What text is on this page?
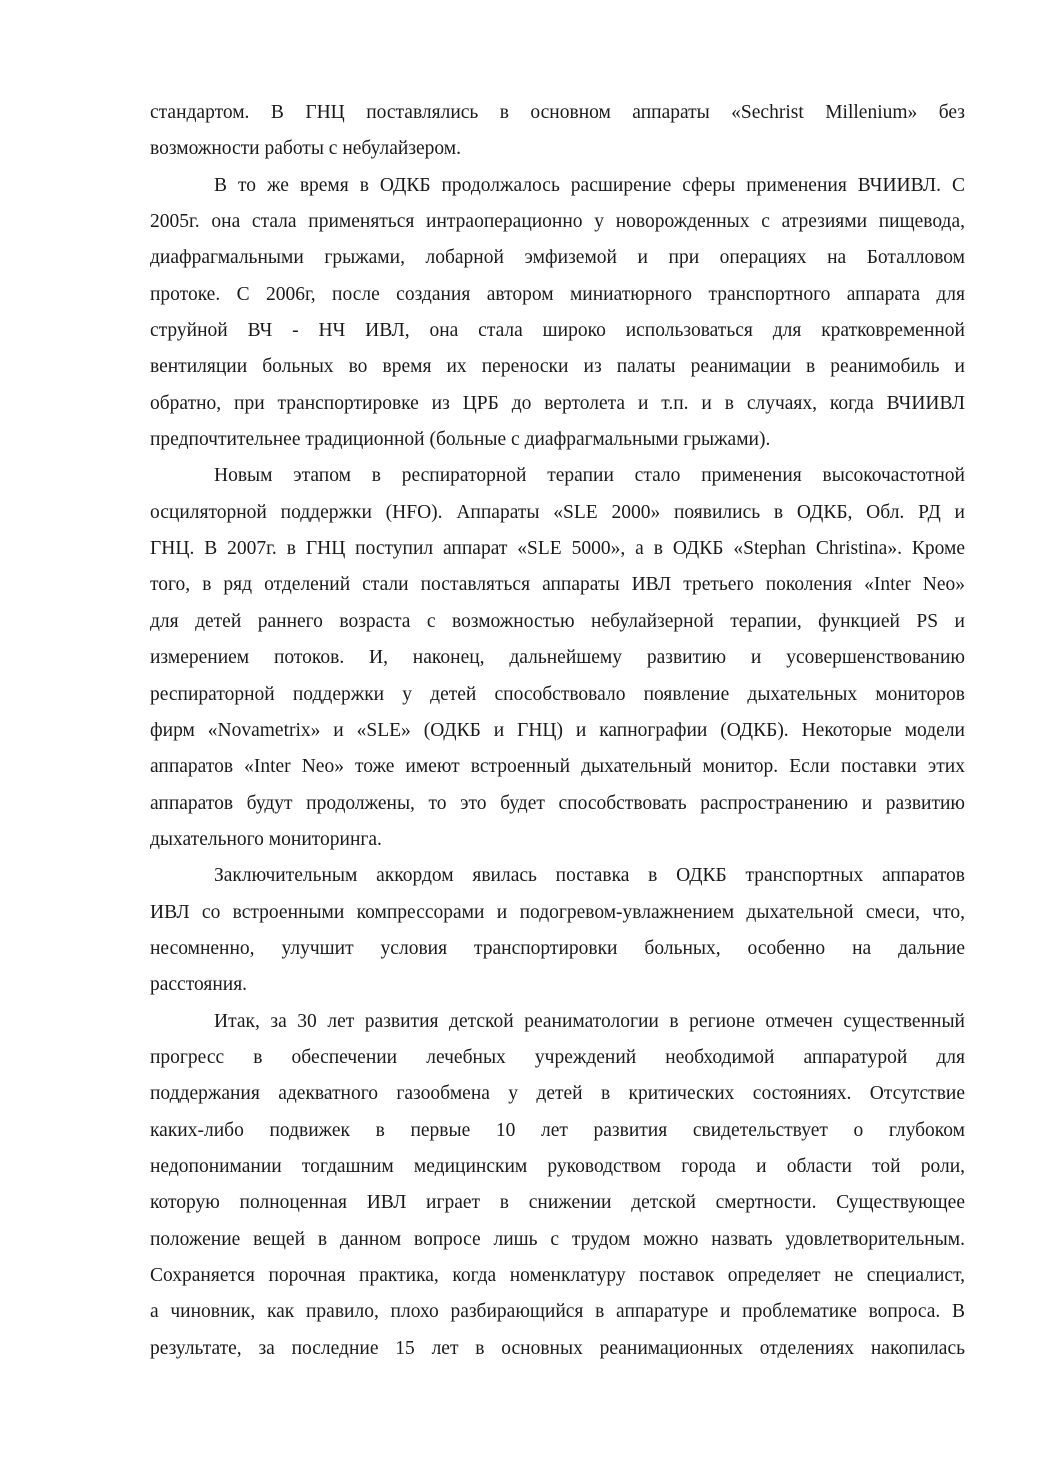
стандартом. В ГНЦ поставлялись в основном аппараты «Sechrist Millenium» без
возможности работы с небулайзером.
В то же время в ОДКБ продолжалось расширение сферы применения ВЧИИВЛ. С
2005г. она стала применяться интраоперационно у новорожденных с атрезиями пищевода,
диафрагмальными грыжами, лобарной эмфиземой и при операциях на Боталловом
протоке. С 2006г, после создания автором миниатюрного транспортного аппарата для
струйной ВЧ - НЧ ИВЛ, она стала широко использоваться для кратковременной
вентиляции больных во время их переноски из палаты реанимации в реанимобиль и
обратно, при транспортировке из ЦРБ до вертолета и т.п. и в случаях, когда ВЧИИВЛ
предпочтительнее традиционной (больные с диафрагмальными грыжами).
Новым этапом в респираторной терапии стало применения высокочастотной
осциляторной поддержки (HFO). Аппараты «SLE 2000» появились в ОДКБ, Обл. РД и
ГНЦ. В 2007г. в ГНЦ поступил аппарат «SLE 5000», а в ОДКБ «Stephan Christina». Кроме
того, в ряд отделений стали поставляться аппараты ИВЛ третьего поколения «Inter Neo»
для детей раннего возраста с возможностью небулайзерной терапии, функцией PS и
измерением потоков. И, наконец, дальнейшему развитию и усовершенствованию
респираторной поддержки у детей способствовало появление дыхательных мониторов
фирм «Novametrix» и «SLE» (ОДКБ и ГНЦ) и капнографии (ОДКБ). Некоторые модели
аппаратов «Inter Neo» тоже имеют встроенный дыхательный монитор. Если поставки этих
аппаратов будут продолжены, то это будет способствовать распространению и развитию
дыхательного мониторинга.
Заключительным аккордом явилась поставка в ОДКБ транспортных аппаратов
ИВЛ со встроенными компрессорами и подогревом-увлажнением дыхательной смеси, что,
несомненно, улучшит условия транспортировки больных, особенно на дальние
расстояния.
Итак, за 30 лет развития детской реаниматологии в регионе отмечен существенный
прогресс в обеспечении лечебных учреждений необходимой аппаратурой для
поддержания адекватного газообмена у детей в критических состояниях. Отсутствие
каких-либо подвижек в первые 10 лет развития свидетельствует о глубоком
недопонимании тогдашним медицинским руководством города и области той роли,
которую полноценная ИВЛ играет в снижении детской смертности. Существующее
положение вещей в данном вопросе лишь с трудом можно назвать удовлетворительным.
Сохраняется порочная практика, когда номенклатуру поставок определяет не специалист,
а чиновник, как правило, плохо разбирающийся в аппаратуре и проблематике вопроса. В
результате, за последние 15 лет в основных реанимационных отделениях накопилась
